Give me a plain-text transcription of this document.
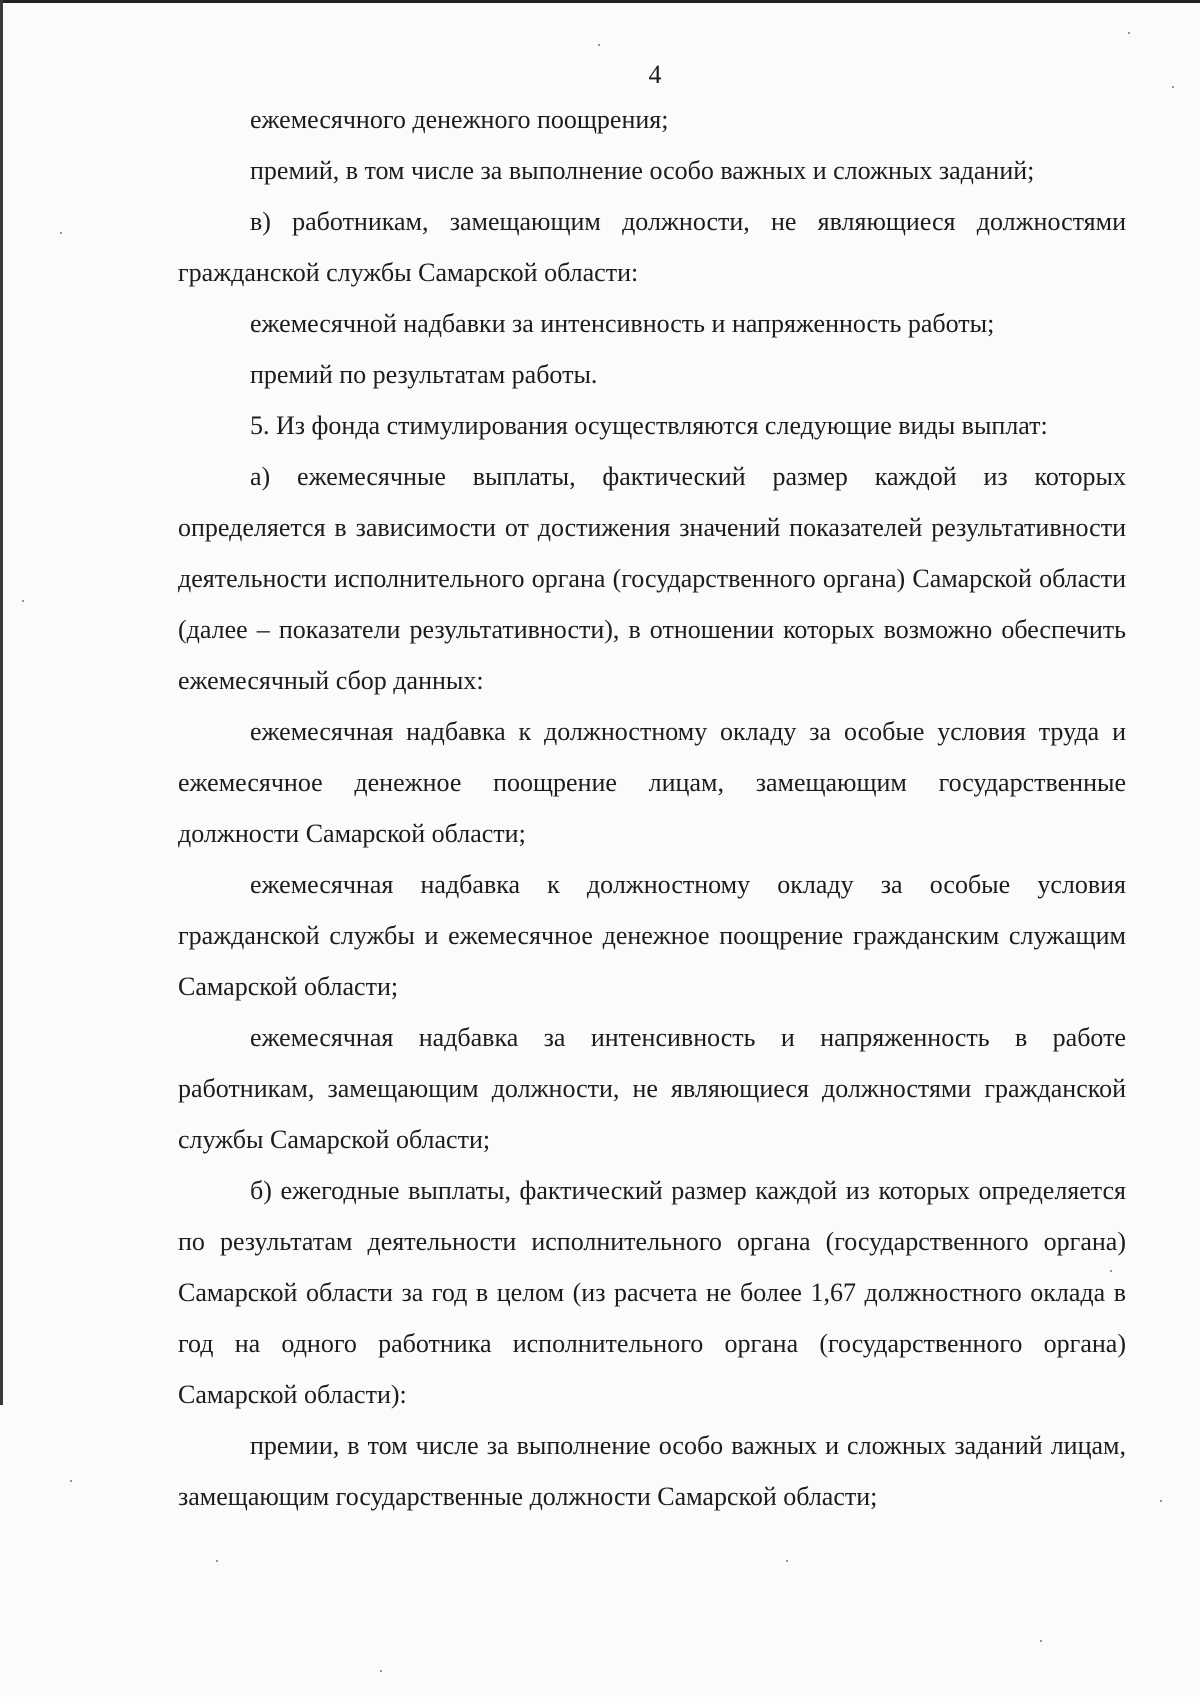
4

ежемесячного денежного поощрения;

премий, в том числе за выполнение особо важных и сложных заданий;

в) работникам, замещающим должности, не являющиеся должностями гражданской службы Самарской области:

ежемесячной надбавки за интенсивность и напряженность работы;

премий по результатам работы.

5. Из фонда стимулирования осуществляются следующие виды выплат:

а) ежемесячные выплаты, фактический размер каждой из которых определяется в зависимости от достижения значений показателей результативности деятельности исполнительного органа (государственного органа) Самарской области (далее – показатели результативности), в отношении которых возможно обеспечить ежемесячный сбор данных:

ежемесячная надбавка к должностному окладу за особые условия труда и ежемесячное денежное поощрение лицам, замещающим государственные должности Самарской области;

ежемесячная надбавка к должностному окладу за особые условия гражданской службы и ежемесячное денежное поощрение гражданским служащим Самарской области;

ежемесячная надбавка за интенсивность и напряженность в работе работникам, замещающим должности, не являющиеся должностями гражданской службы Самарской области;

б) ежегодные выплаты, фактический размер каждой из которых определяется по результатам деятельности исполнительного органа (государственного органа) Самарской области за год в целом (из расчета не более 1,67 должностного оклада в год на одного работника исполнительного органа (государственного органа) Самарской области):

премии, в том числе за выполнение особо важных и сложных заданий лицам, замещающим государственные должности Самарской области;
